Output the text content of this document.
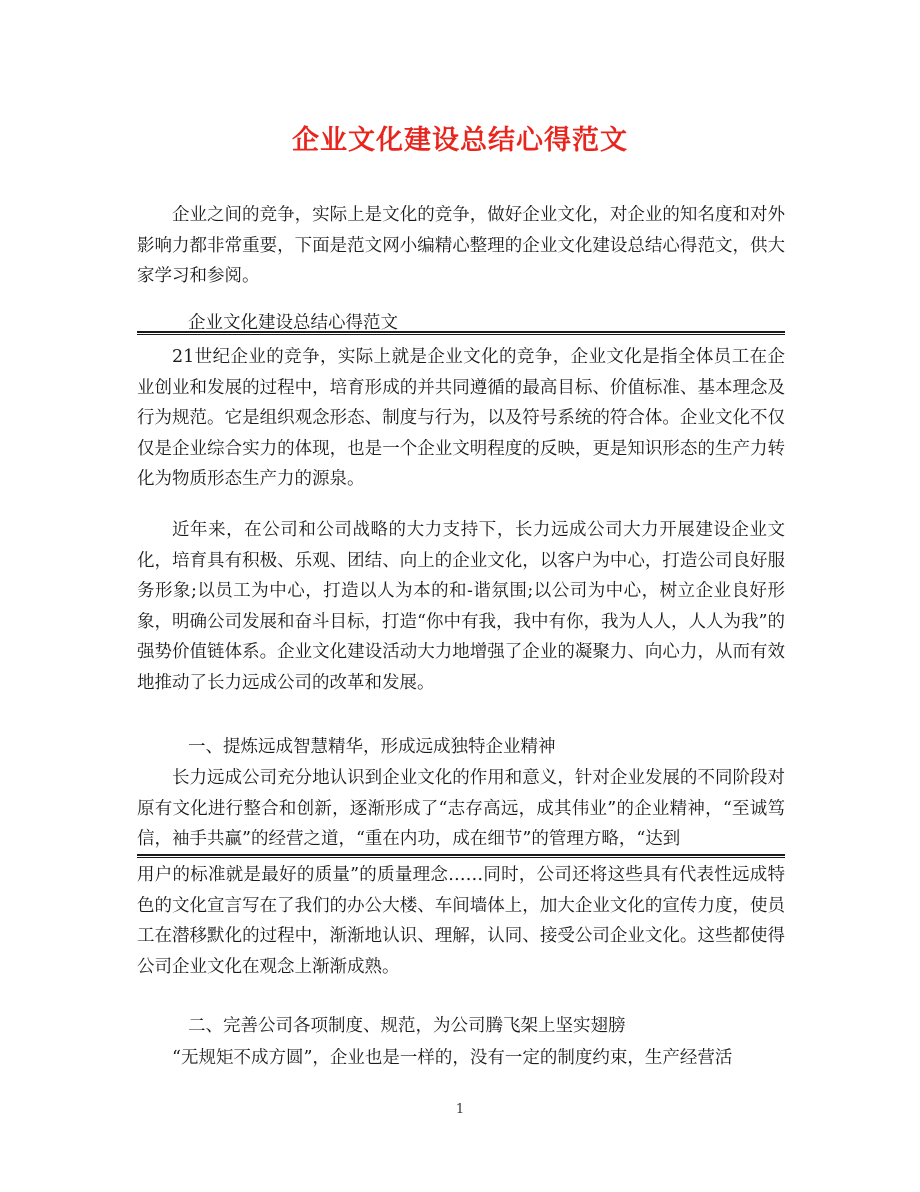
企业文化建设总结心得范文

企业之间的竞争，实际上是文化的竞争，做好企业文化，对企业的知名度和对外影响力都非常重要，下面是范文网小编精心整理的企业文化建设总结心得范文，供大家学习和参阅。

企业文化建设总结心得范文

21世纪企业的竞争，实际上就是企业文化的竞争，企业文化是指全体员工在企业创业和发展的过程中，培育形成的并共同遵循的最高目标、价值标准、基本理念及行为规范。它是组织观念形态、制度与行为，以及符号系统的符合体。企业文化不仅仅是企业综合实力的体现，也是一个企业文明程度的反映，更是知识形态的生产力转化为物质形态生产力的源泉。

近年来，在公司和公司战略的大力支持下，长力远成公司大力开展建设企业文化，培育具有积极、乐观、团结、向上的企业文化，以客户为中心，打造公司良好服务形象;以员工为中心，打造以人为本的和-谐氛围;以公司为中心，树立企业良好形象，明确公司发展和奋斗目标，打造“你中有我，我中有你，我为人人，人人为我”的强势价值链体系。企业文化建设活动大力地增强了企业的凝聚力、向心力，从而有效地推动了长力远成公司的改革和发展。

一、提炼远成智慧精华，形成远成独特企业精神

长力远成公司充分地认识到企业文化的作用和意义，针对企业发展的不同阶段对原有文化进行整合和创新，逐渐形成了“志存高远，成其伟业”的企业精神，“至诚笃信，袖手共赢”的经营之道，“重在内功，成在细节”的管理方略，“达到

用户的标准就是最好的质量”的质量理念……同时，公司还将这些具有代表性远成特色的文化宣言写在了我们的办公大楼、车间墙体上，加大企业文化的宣传力度，使员工在潜移默化的过程中，渐渐地认识、理解，认同、接受公司企业文化。这些都使得公司企业文化在观念上渐渐成熟。

二、完善公司各项制度、规范，为公司腾飞架上坚实翅膀

“无规矩不成方圆”，企业也是一样的，没有一定的制度约束，生产经营活

1
